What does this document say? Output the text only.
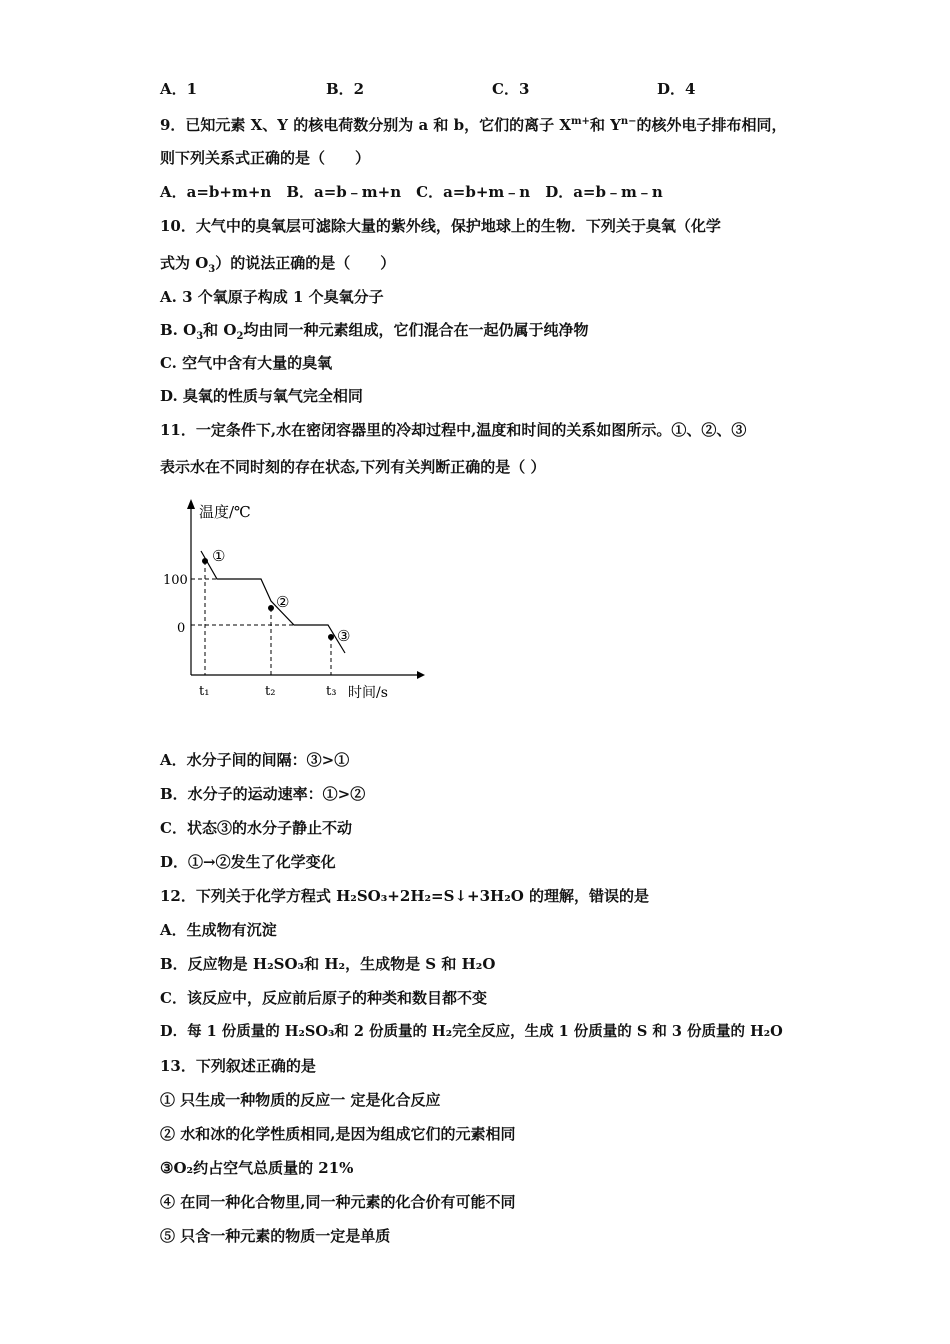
A．1	B．2	C．3	D．4
9．已知元素 X、Y 的核电荷数分别为 a 和 b，它们的离子 $X^{m+}$和 $Y^{n-}$的核外电子排布相同，
则下列关系式正确的是（　　）
A．a=b+m+n　B．a=b﹣m+n　C．a=b+m﹣n　D．a=b﹣m﹣n
10．大气中的臭氧层可滤除大量的紫外线，保护地球上的生物．下列关于臭氧（化学
式为 $O_3$）的说法正确的是（　　）
A. 3 个氧原子构成 1 个臭氧分子
B. $O_3$和 $O_2$均由同一种元素组成，它们混合在一起仍属于纯净物
C. 空气中含有大量的臭氧
D. 臭氧的性质与氧气完全相同
11．一定条件下,水在密闭容器里的冷却过程中,温度和时间的关系如图所示。①、②、③
表示水在不同时刻的存在状态,下列有关判断正确的是（ ）
温度/℃
时间/s
100
0
t₁	t₂	t₃
①
②
③
A．水分子间的间隔：③>①
B．水分子的运动速率：①>②
C．状态③的水分子静止不动
D．①→②发生了化学变化
12．下列关于化学方程式 H₂SO₃+2H₂=S↓+3H₂O 的理解，错误的是
A．生成物有沉淀
B．反应物是 H₂SO₃和 H₂，生成物是 S 和 H₂O
C．该反应中，反应前后原子的种类和数目都不变
D．每 1 份质量的 H₂SO₃和 2 份质量的 H₂完全反应，生成 1 份质量的 S 和 3 份质量的 H₂O
13．下列叙述正确的是
① 只生成一种物质的反应一 定是化合反应
② 水和冰的化学性质相同,是因为组成它们的元素相同
③O₂约占空气总质量的 21%
④ 在同一种化合物里,同一种元素的化合价有可能不同
⑤ 只含一种元素的物质一定是单质
